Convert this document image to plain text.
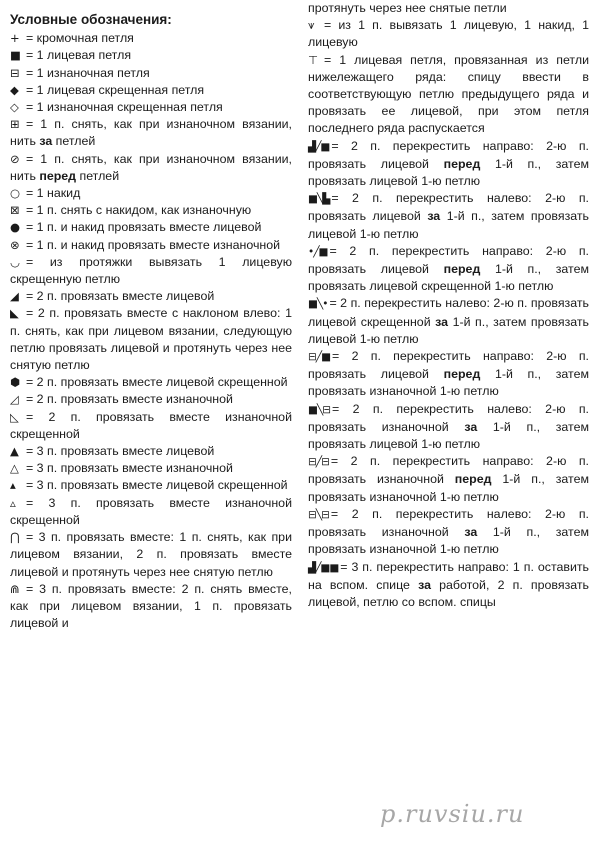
Условные обозначения:

+ = кромочная петля

■ = 1 лицевая петля

⊟ = 1 изнаночная петля

◆ = 1 лицевая скрещенная петля

◇ = 1 изнаночная скрещенная петля

⊞ = 1 п. снять, как при изнаночном вязании, нить за петлей

⊘ = 1 п. снять, как при изнаночном вязании, нить перед петлей

○ = 1 накид

⊠ = 1 п. снять с накидом, как изнаночную

● = 1 п. и накид провязать вместе лицевой

⊗ = 1 п. и накид провязать вместе изнаночной

◡ = из протяжки вывязать 1 лицевую скрещенную петлю

◢ = 2 п. провязать вместе лицевой

◣ = 2 п. провязать вместе с наклоном влево: 1 п. снять, как при лицевом вязании, следующую петлю провязать лицевой и протянуть через нее снятую петлю

⬢ = 2 п. провязать вместе лицевой скрещенной

◿ = 2 п. провязать вместе изнаночной

◺ = 2 п. провязать вместе изнаночной скрещенной

▲ = 3 п. провязать вместе лицевой

△ = 3 п. провязать вместе изнаночной

▴ = 3 п. провязать вместе лицевой скрещенной

▵ = 3 п. провязать вместе изнаночной скрещенной

⋂ = 3 п. провязать вместе: 1 п. снять, как при лицевом вязании, 2 п. провязать вместе лицевой и протянуть через нее снятую петлю

⋒ = 3 п. провязать вместе: 2 п. снять вместе, как при лицевом вязании, 1 п. провязать лицевой и

протянуть через нее снятые петли

⩛ = из 1 п. вывязать 1 лицевую, 1 накид, 1 лицевую

⊤ = 1 лицевая петля, провязанная из петли нижележащего ряда: спицу ввести в соответствующую петлю предыдущего ряда и провязать ее лицевой, при этом петля последнего ряда распускается

▟╱■ = 2 п. перекрестить направо: 2-ю п. провязать лицевой перед 1-й п., затем провязать лицевой 1-ю петлю

■╲▙ = 2 п. перекрестить налево: 2-ю п. провязать лицевой за 1-й п., затем провязать лицевой 1-ю петлю

•╱■ = 2 п. перекрестить направо: 2-ю п. провязать лицевой перед 1-й п., затем провязать лицевой скрещенной 1-ю петлю

■╲• = 2 п. перекрестить налево: 2-ю п. провязать лицевой скрещенной за 1-й п., затем провязать лицевой 1-ю петлю

⊟╱■ = 2 п. перекрестить направо: 2-ю п. провязать лицевой перед 1-й п., затем провязать изнаночной 1-ю петлю

■╲⊟ = 2 п. перекрестить налево: 2-ю п. провязать изнаночной за 1-й п., затем провязать лицевой 1-ю петлю

⊟╱⊟ = 2 п. перекрестить направо: 2-ю п. провязать изнаночной перед 1-й п., затем провязать изнаночной 1-ю петлю

⊟╲⊟ = 2 п. перекрестить налево: 2-ю п. провязать изнаночной за 1-й п., затем провязать изнаночной 1-ю петлю

▟╱■■ = 3 п. перекрестить направо: 1 п. оставить на вспом. спице за работой, 2 п. провязать лицевой, петлю со вспом. спицы

p.ruvsiu.ru
